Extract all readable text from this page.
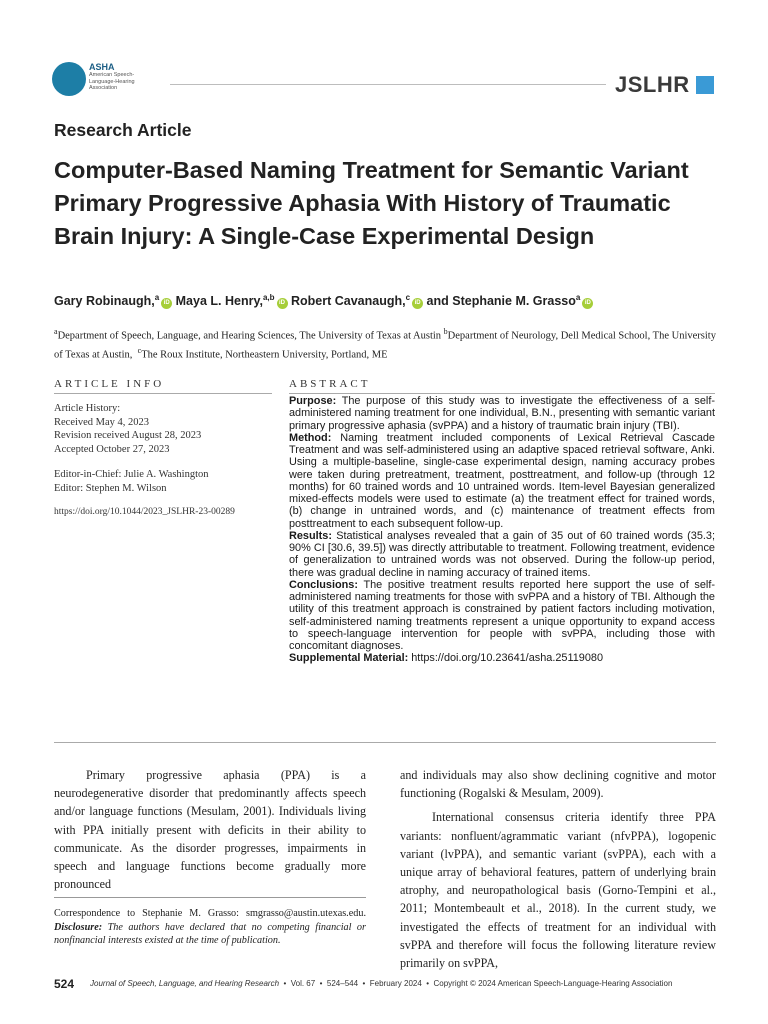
ASHA
American Speech-Language-Hearing Association	JSLHR
Research Article
Computer-Based Naming Treatment for Semantic Variant Primary Progressive Aphasia With History of Traumatic Brain Injury: A Single-Case Experimental Design
Gary Robinaugh,$^a$iD Maya L. Henry,$^{a,b}$iD Robert Cavanaugh,$^c$iD and Stephanie M. Grasso$^a$iD
$^a$Department of Speech, Language, and Hearing Sciences, The University of Texas at Austin $^b$Department of Neurology, Dell Medical School, The University of Texas at Austin, $^c$The Roux Institute, Northeastern University, Portland, ME
ARTICLE INFO
Article History:
Received May 4, 2023
Revision received August 28, 2023
Accepted October 27, 2023
Editor-in-Chief: Julie A. Washington
Editor: Stephen M. Wilson
https://doi.org/10.1044/2023_JSLHR-23-00289
ABSTRACT

Purpose: The purpose of this study was to investigate the effectiveness of a self-administered naming treatment for one individual, B.N., presenting with semantic variant primary progressive aphasia (svPPA) and a history of traumatic brain injury (TBI).

Method: Naming treatment included components of Lexical Retrieval Cascade Treatment and was self-administered using an adaptive spaced retrieval software, Anki. Using a multiple-baseline, single-case experimental design, naming accuracy probes were taken during pretreatment, treatment, posttreatment, and follow-up (through 12 months) for 60 trained words and 10 untrained words. Item-level Bayesian generalized mixed-effects models were used to estimate (a) the treatment effect for trained words, (b) change in untrained words, and (c) maintenance of treatment effects from posttreatment to each subsequent follow-up.

Results: Statistical analyses revealed that a gain of 35 out of 60 trained words (35.3; 90% CI [30.6, 39.5]) was directly attributable to treatment. Following treatment, evidence of generalization to untrained words was not observed. During the follow-up period, there was gradual decline in naming accuracy of trained items.

Conclusions: The positive treatment results reported here support the use of self-administered naming treatments for those with svPPA and a history of TBI. Although the utility of this treatment approach is constrained by patient factors including motivation, self-administered naming treatments represent a unique opportunity to expand access to speech-language intervention for people with svPPA, including those with concomitant diagnoses.

Supplemental Material: https://doi.org/10.23641/asha.25119080

Primary progressive aphasia (PPA) is a neurodegenerative disorder that predominantly affects speech and/or language functions (Mesulam, 2001). Individuals living with PPA initially present with deficits in their ability to communicate. As the disorder progresses, impairments in speech and language functions become gradually more pronounced

and individuals may also show declining cognitive and motor functioning (Rogalski & Mesulam, 2009).

International consensus criteria identify three PPA variants: nonfluent/agrammatic variant (nfvPPA), logopenic variant (lvPPA), and semantic variant (svPPA), each with a unique array of behavioral features, pattern of underlying brain atrophy, and neuropathological basis (Gorno-Tempini et al., 2011; Montembeault et al., 2018). In the current study, we investigated the effects of treatment for an individual with svPPA and therefore will focus the following literature review primarily on svPPA,

Correspondence to Stephanie M. Grasso: smgrasso@austin.utexas.edu. Disclosure: The authors have declared that no competing financial or nonfinancial interests existed at the time of publication.
524 Journal of Speech, Language, and Hearing Research  •  Vol. 67  •  524–544  •  February 2024  •  Copyright © 2024 American Speech-Language-Hearing Association
